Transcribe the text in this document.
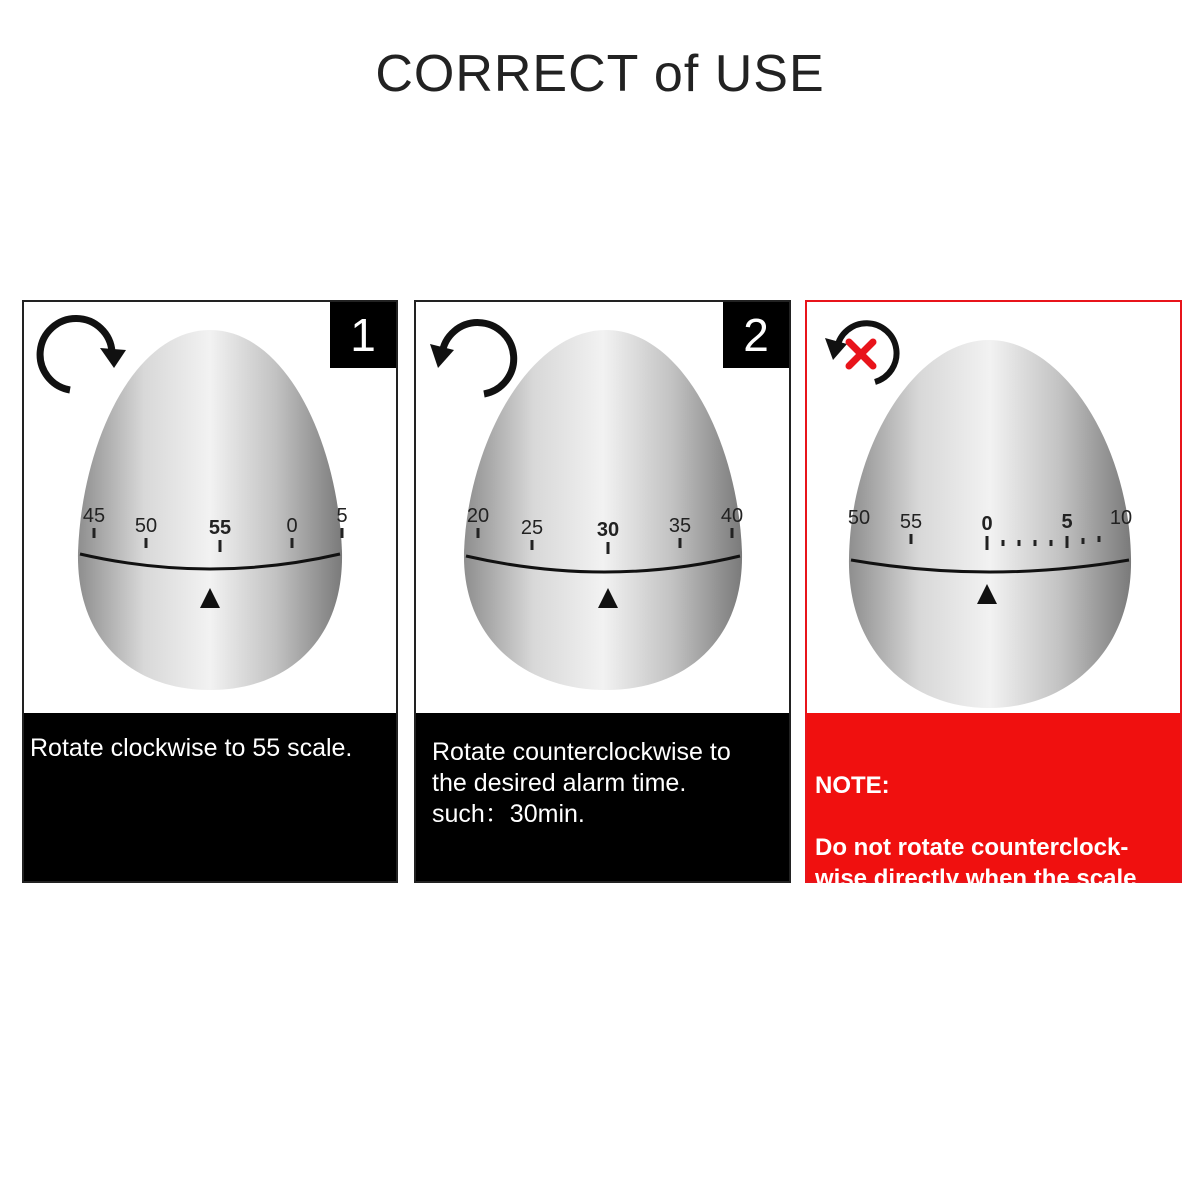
CORRECT of USE
1
45 50	55	0 5
Rotate clockwise to 55 scale.
2
20
25	30 35 40
Rotate counterclockwise to
the desired alarm time.
such：30min.
50 55	0	5 10

NOTE:

Do not rotate counterclock-
wise directly when the scale
is 0, it will damage the timer.
